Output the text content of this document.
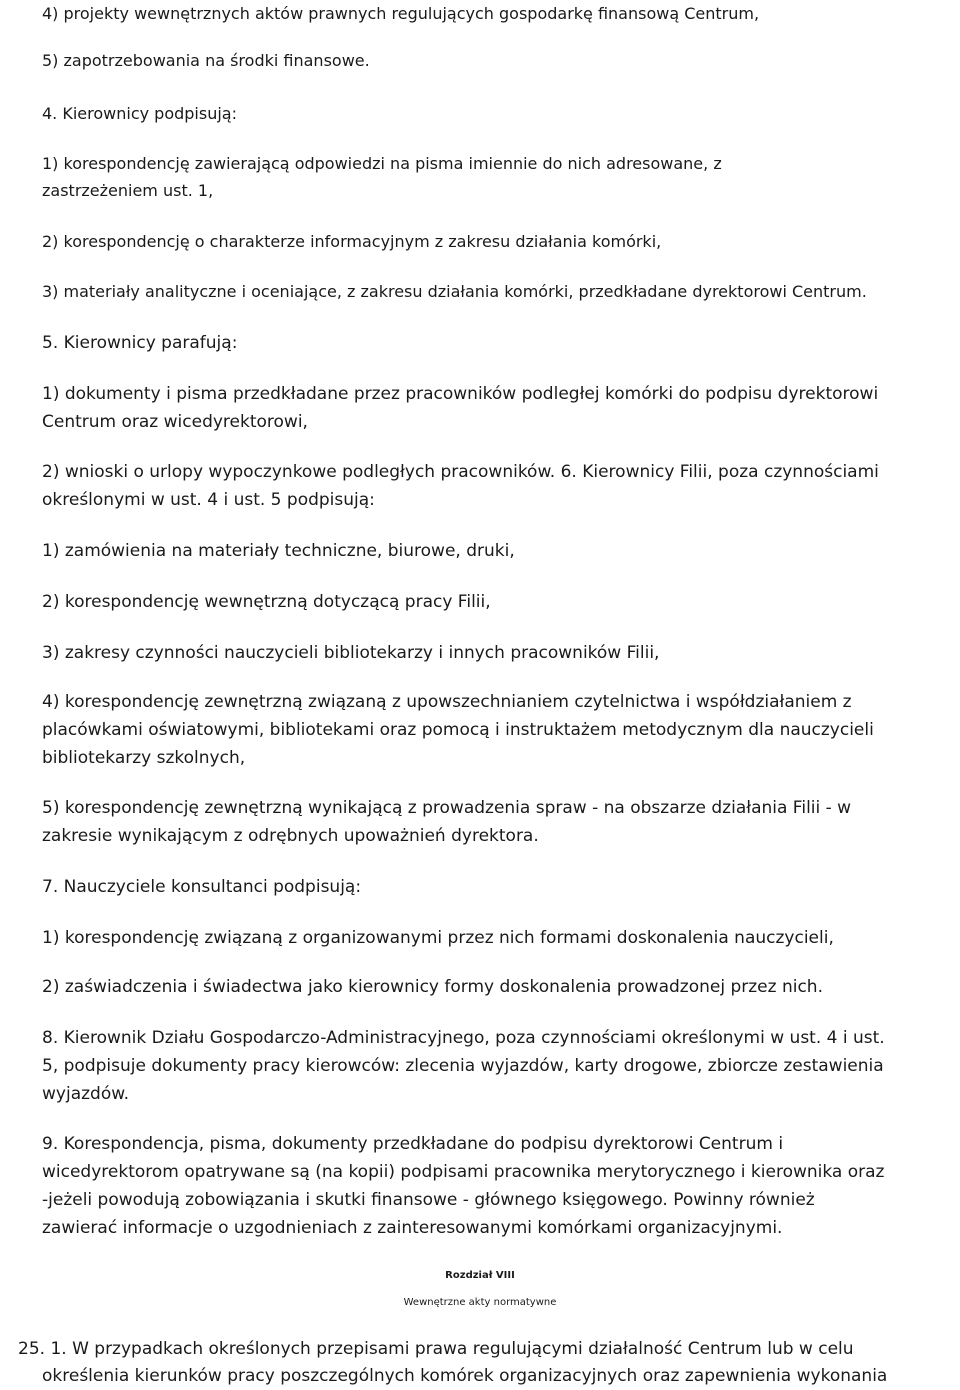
4) projekty wewnętrznych aktów prawnych regulujących gospodarkę finansową Centrum,

5) zapotrzebowania na środki finansowe.

4. Kierownicy podpisują:

1) korespondencję zawierającą odpowiedzi na pisma imiennie do nich adresowane, z

zastrzeżeniem ust. 1,

2) korespondencję o charakterze informacyjnym z zakresu działania komórki,

3) materiały analityczne i oceniające, z zakresu działania komórki, przedkładane dyrektorowi Centrum.

5. Kierownicy parafują:

1) dokumenty i pisma przedkładane przez pracowników podległej komórki do podpisu dyrektorowi

Centrum oraz wicedyrektorowi,

2) wnioski o urlopy wypoczynkowe podległych pracowników. 6. Kierownicy Filii, poza czynnościami

określonymi w ust. 4 i ust. 5 podpisują:

1) zamówienia na materiały techniczne, biurowe, druki,

2) korespondencję wewnętrzną dotyczącą pracy Filii,

3) zakresy czynności nauczycieli bibliotekarzy i innych pracowników Filii,

4) korespondencję zewnętrzną związaną z upowszechnianiem czytelnictwa i współdziałaniem z

placówkami oświatowymi, bibliotekami oraz pomocą i instruktażem metodycznym dla nauczycieli

bibliotekarzy szkolnych,

5) korespondencję zewnętrzną wynikającą z prowadzenia spraw - na obszarze działania Filii - w

zakresie wynikającym z odrębnych upoważnień dyrektora.

7. Nauczyciele konsultanci podpisują:

1) korespondencję związaną z organizowanymi przez nich formami doskonalenia nauczycieli,

2) zaświadczenia i świadectwa jako kierownicy formy doskonalenia prowadzonej przez nich.

8. Kierownik Działu Gospodarczo-Administracyjnego, poza czynnościami określonymi w ust. 4 i ust.

5, podpisuje dokumenty pracy kierowców: zlecenia wyjazdów, karty drogowe, zbiorcze zestawienia

wyjazdów.

9. Korespondencja, pisma, dokumenty przedkładane do podpisu dyrektorowi Centrum i

wicedyrektorom opatrywane są (na kopii) podpisami pracownika merytorycznego i kierownika oraz

-jeżeli powodują zobowiązania i skutki finansowe - głównego księgowego. Powinny również

zawierać informacje o uzgodnieniach z zainteresowanymi komórkami organizacyjnymi.

Rozdział VIII

Wewnętrzne akty normatywne

25. 1. W przypadkach określonych przepisami prawa regulującymi działalność Centrum lub w celu

określenia kierunków pracy poszczególnych komórek organizacyjnych oraz zapewnienia wykonania
